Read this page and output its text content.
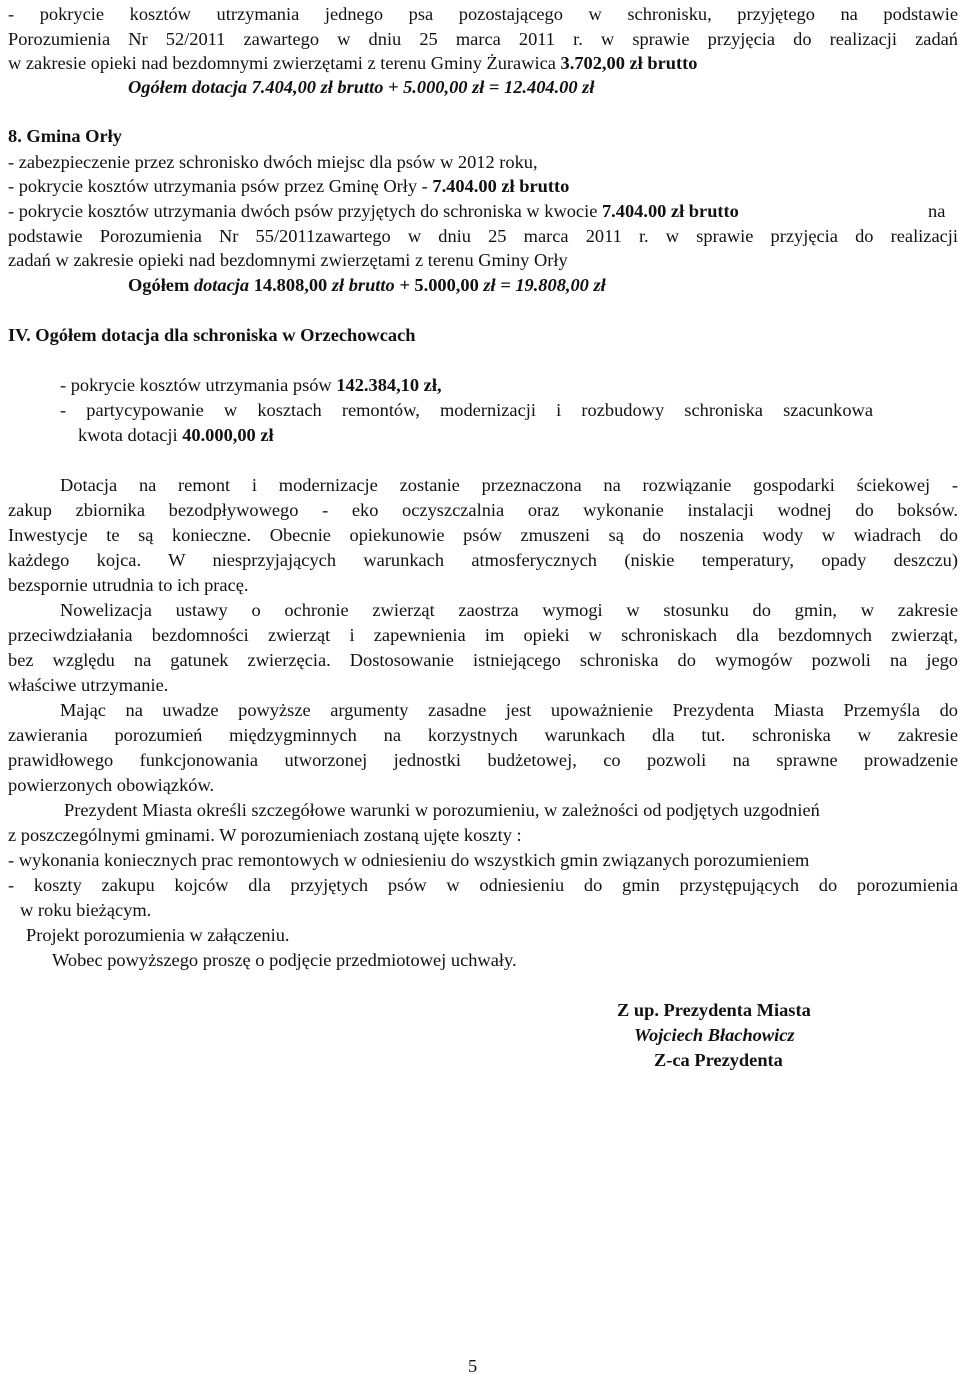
- pokrycie kosztów utrzymania jednego psa pozostającego w schronisku, przyjętego na podstawie
Porozumienia Nr 52/2011 zawartego w dniu 25 marca 2011 r. w sprawie przyjęcia do realizacji zadań
w zakresie opieki nad bezdomnymi zwierzętami z terenu Gminy Żurawica 3.702,00 zł brutto
Ogółem dotacja 7.404,00 zł brutto + 5.000,00 zł = 12.404.00 zł
8. Gmina Orły
- zabezpieczenie przez schronisko dwóch miejsc dla psów w 2012 roku,
- pokrycie kosztów utrzymania psów przez Gminę Orły - 7.404.00 zł brutto
- pokrycie kosztów utrzymania dwóch psów przyjętych do schroniska w kwocie 7.404.00 zł brutto	na
podstawie Porozumienia Nr 55/2011zawartego w dniu 25 marca 2011 r. w sprawie przyjęcia do realizacji
zadań w zakresie opieki nad bezdomnymi zwierzętami z terenu Gminy Orły
Ogółem dotacja 14.808,00 zł brutto + 5.000,00 zł = 19.808,00 zł
IV. Ogółem dotacja dla schroniska w Orzechowcach
- pokrycie kosztów utrzymania psów 142.384,10 zł,
- partycypowanie w kosztach remontów, modernizacji i rozbudowy schroniska szacunkowa
kwota dotacji 40.000,00 zł
Dotacja na remont i modernizacje zostanie przeznaczona na rozwiązanie gospodarki ściekowej -
zakup zbiornika bezodpływowego - eko oczyszczalnia oraz wykonanie instalacji wodnej do boksów.
Inwestycje te są konieczne. Obecnie opiekunowie psów zmuszeni są do noszenia wody w wiadrach do
każdego kojca. W niesprzyjających warunkach atmosferycznych (niskie temperatury, opady deszczu)
bezspornie utrudnia to ich pracę.
Nowelizacja ustawy o ochronie zwierząt zaostrza wymogi w stosunku do gmin, w zakresie
przeciwdziałania bezdomności zwierząt i zapewnienia im opieki w schroniskach dla bezdomnych zwierząt,
bez względu na gatunek zwierzęcia. Dostosowanie istniejącego schroniska do wymogów pozwoli na jego
właściwe utrzymanie.
Mając na uwadze powyższe argumenty zasadne jest upoważnienie Prezydenta Miasta Przemyśla do
zawierania porozumień międzygminnych na korzystnych warunkach dla tut. schroniska w zakresie
prawidłowego funkcjonowania utworzonej jednostki budżetowej, co pozwoli na sprawne prowadzenie
powierzonych obowiązków.
Prezydent Miasta określi szczegółowe warunki w porozumieniu, w zależności od podjętych uzgodnień
z poszczególnymi gminami. W porozumieniach zostaną ujęte koszty :
- wykonania koniecznych prac remontowych w odniesieniu do wszystkich gmin związanych porozumieniem
- koszty zakupu kojców dla przyjętych psów w odniesieniu do gmin przystępujących do porozumienia
w roku bieżącym.
Projekt porozumienia w załączeniu.
Wobec powyższego proszę o podjęcie przedmiotowej uchwały.
Z up. Prezydenta Miasta
Wojciech Błachowicz
Z-ca Prezydenta
5
